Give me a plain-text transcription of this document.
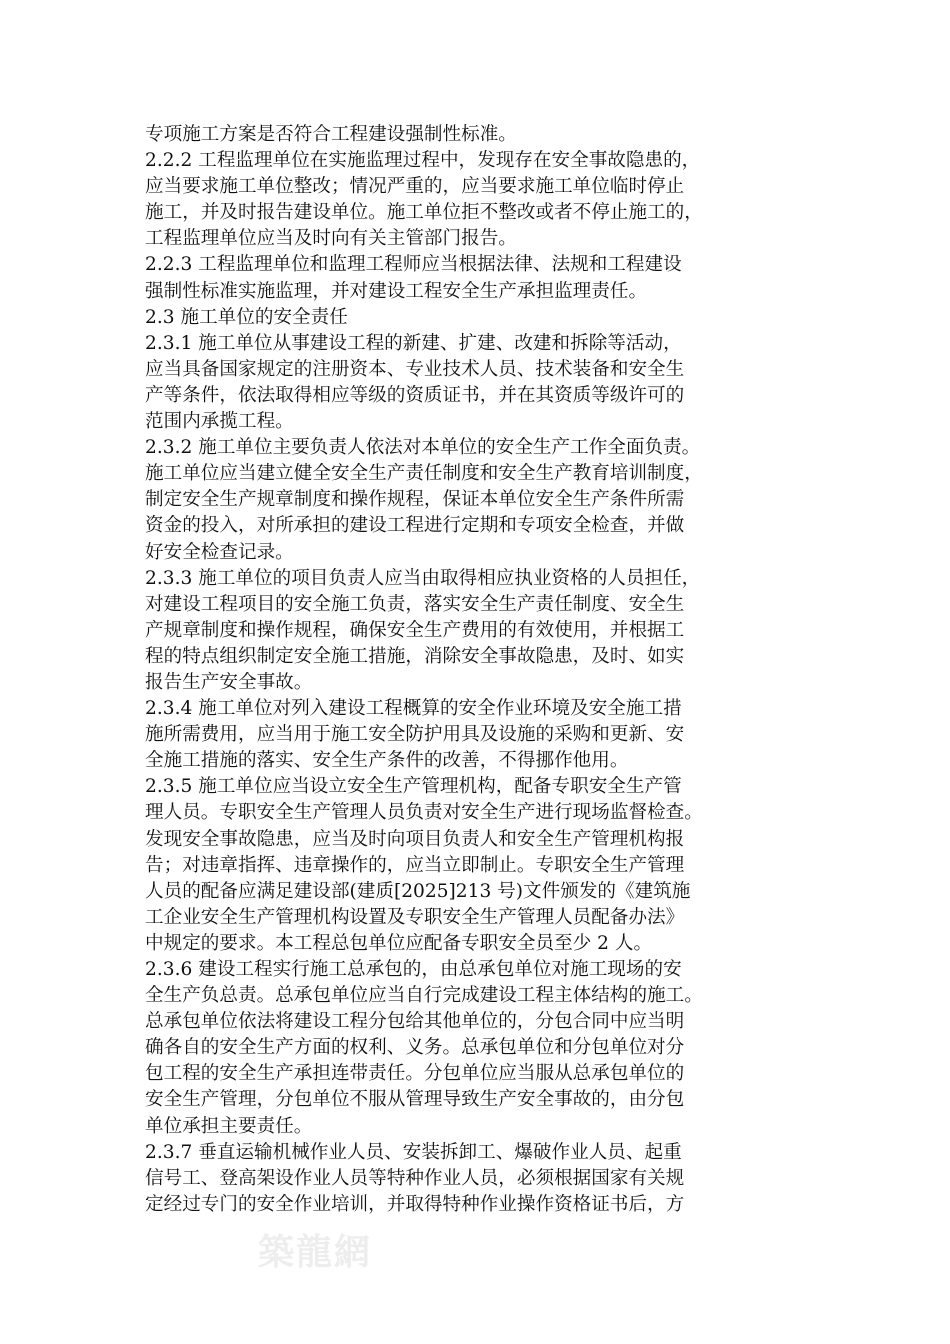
专项施工方案是否符合工程建设强制性标准。
2.2.2 工程监理单位在实施监理过程中，发现存在安全事故隐患的，
应当要求施工单位整改；情况严重的，应当要求施工单位临时停止
施工，并及时报告建设单位。施工单位拒不整改或者不停止施工的，
工程监理单位应当及时向有关主管部门报告。
2.2.3 工程监理单位和监理工程师应当根据法律、法规和工程建设
强制性标准实施监理，并对建设工程安全生产承担监理责任。
2.3 施工单位的安全责任
2.3.1 施工单位从事建设工程的新建、扩建、改建和拆除等活动，
应当具备国家规定的注册资本、专业技术人员、技术装备和安全生
产等条件，依法取得相应等级的资质证书，并在其资质等级许可的
范围内承揽工程。
2.3.2 施工单位主要负责人依法对本单位的安全生产工作全面负责。
施工单位应当建立健全安全生产责任制度和安全生产教育培训制度，
制定安全生产规章制度和操作规程，保证本单位安全生产条件所需
资金的投入，对所承担的建设工程进行定期和专项安全检查，并做
好安全检查记录。
2.3.3 施工单位的项目负责人应当由取得相应执业资格的人员担任，
对建设工程项目的安全施工负责，落实安全生产责任制度、安全生
产规章制度和操作规程，确保安全生产费用的有效使用，并根据工
程的特点组织制定安全施工措施，消除安全事故隐患，及时、如实
报告生产安全事故。
2.3.4 施工单位对列入建设工程概算的安全作业环境及安全施工措
施所需费用，应当用于施工安全防护用具及设施的采购和更新、安
全施工措施的落实、安全生产条件的改善，不得挪作他用。
2.3.5 施工单位应当设立安全生产管理机构，配备专职安全生产管
理人员。专职安全生产管理人员负责对安全生产进行现场监督检查。
发现安全事故隐患，应当及时向项目负责人和安全生产管理机构报
告；对违章指挥、违章操作的，应当立即制止。专职安全生产管理
人员的配备应满足建设部(建质[2025]213 号)文件颁发的《建筑施
工企业安全生产管理机构设置及专职安全生产管理人员配备办法》
中规定的要求。本工程总包单位应配备专职安全员至少 2 人。
2.3.6 建设工程实行施工总承包的，由总承包单位对施工现场的安
全生产负总责。总承包单位应当自行完成建设工程主体结构的施工。
总承包单位依法将建设工程分包给其他单位的，分包合同中应当明
确各自的安全生产方面的权利、义务。总承包单位和分包单位对分
包工程的安全生产承担连带责任。分包单位应当服从总承包单位的
安全生产管理，分包单位不服从管理导致生产安全事故的，由分包
单位承担主要责任。
2.3.7 垂直运输机械作业人员、安装拆卸工、爆破作业人员、起重
信号工、登高架设作业人员等特种作业人员，必须根据国家有关规
定经过专门的安全作业培训，并取得特种作业操作资格证书后，方
築龍網
